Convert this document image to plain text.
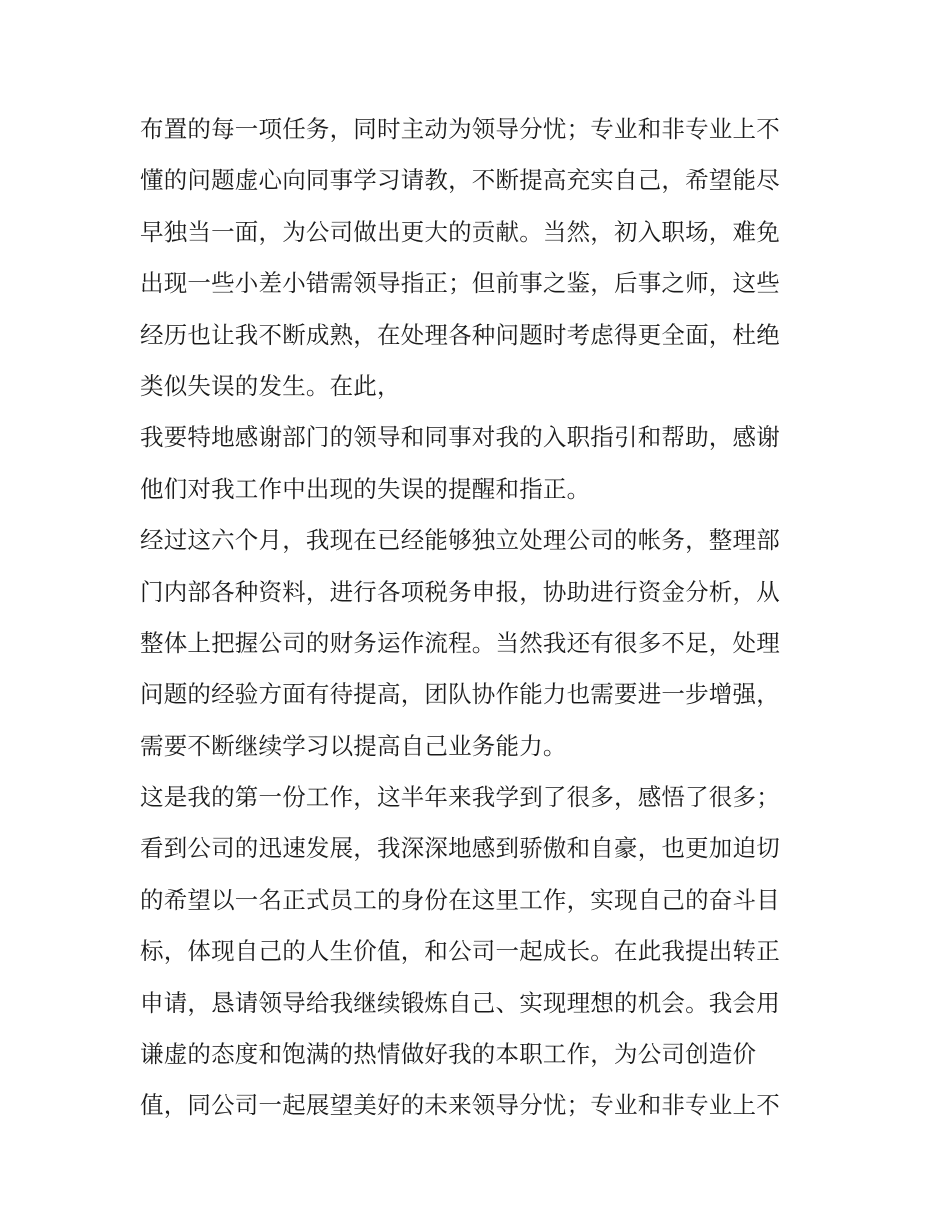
布置的每一项任务，同时主动为领导分忧；专业和非专业上不
懂的问题虚心向同事学习请教，不断提高充实自己，希望能尽
早独当一面，为公司做出更大的贡献。当然，初入职场，难免
出现一些小差小错需领导指正；但前事之鉴，后事之师，这些
经历也让我不断成熟，在处理各种问题时考虑得更全面，杜绝
类似失误的发生。在此，
我要特地感谢部门的领导和同事对我的入职指引和帮助，感谢
他们对我工作中出现的失误的提醒和指正。
经过这六个月，我现在已经能够独立处理公司的帐务，整理部
门内部各种资料，进行各项税务申报，协助进行资金分析，从
整体上把握公司的财务运作流程。当然我还有很多不足，处理
问题的经验方面有待提高，团队协作能力也需要进一步增强，
需要不断继续学习以提高自己业务能力。
这是我的第一份工作，这半年来我学到了很多，感悟了很多；
看到公司的迅速发展，我深深地感到骄傲和自豪，也更加迫切
的希望以一名正式员工的身份在这里工作，实现自己的奋斗目
标，体现自己的人生价值，和公司一起成长。在此我提出转正
申请，恳请领导给我继续锻炼自己、实现理想的机会。我会用
谦虚的态度和饱满的热情做好我的本职工作，为公司创造价
值，同公司一起展望美好的未来领导分忧；专业和非专业上不
